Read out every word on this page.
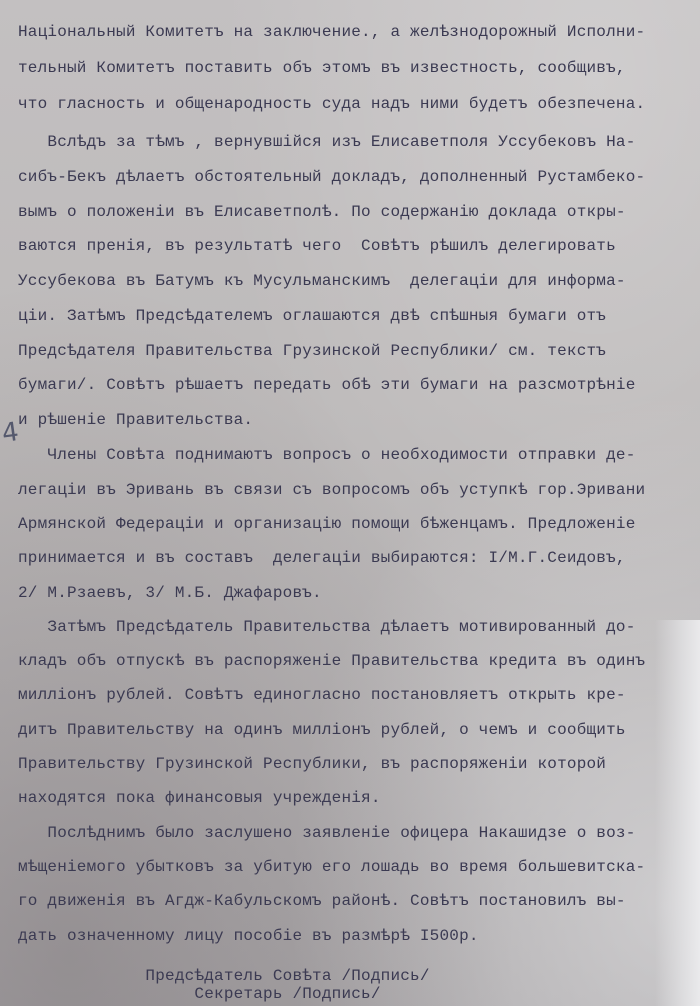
4
Національный Комитетъ на заключение., а желѣзнодорожный Исполни-
тельный Комитетъ поставить объ этомъ въ известность, сообщивъ,
что гласность и общенародность суда надъ ними будетъ обезпечена.
Вслѣдъ за тѣмъ , вернувшійся изъ Елисаветполя Уссубековъ На-
сибъ-Бекъ дѣлаетъ обстоятельный докладъ, дополненный Рустамбеко-
вымъ о положеніи въ Елисаветполѣ. По содержанію доклада откры-
ваются пренія, въ результатѣ чего  Совѣтъ рѣшилъ делегировать
Уссубекова въ Батумъ къ Мусульманскимъ  делегаціи для информа-
ціи. Затѣмъ Предсѣдателемъ оглашаются двѣ спѣшныя бумаги отъ
Предсѣдателя Правительства Грузинской Республики/ см. текстъ
бумаги/. Совѣтъ рѣшаетъ передать обѣ эти бумаги на разсмотрѣніе
и рѣшеніе Правительства.
Члены Совѣта поднимаютъ вопросъ о необходимости отправки де-
легаціи въ Эривань въ связи съ вопросомъ объ уступкѣ гор.Эривани
Армянской Федераціи и организацію помощи бѣженцамъ. Предложеніе
принимается и въ составъ  делегаціи выбираются: I/М.Г.Сеидовъ,
2/ М.Рзаевъ, 3/ М.Б. Джафаровъ.
Затѣмъ Предсѣдатель Правительства дѣлаетъ мотивированный до-
кладъ объ отпускѣ въ распоряженіе Правительства кредита въ одинъ
милліонъ рублей. Совѣтъ единогласно постановляетъ открыть кре-
дитъ Правительству на одинъ милліонъ рублей, о чемъ и сообщить
Правительству Грузинской Республики, въ распоряженіи которой
находятся пока финансовыя учрежденія.
Послѣднимъ было заслушено заявленіе офицера Накашидзе о воз-
мѣщеніемого убытковъ за убитую его лошадь во время большевитска-
го движенія въ Агдж-Кабульскомъ районѣ. Совѣтъ постановилъ вы-
дать означенному лицу пособіе въ размѣрѣ I500р.
Предсѣдатель Совѣта /Подпись/
Секретарь /Подпись/
